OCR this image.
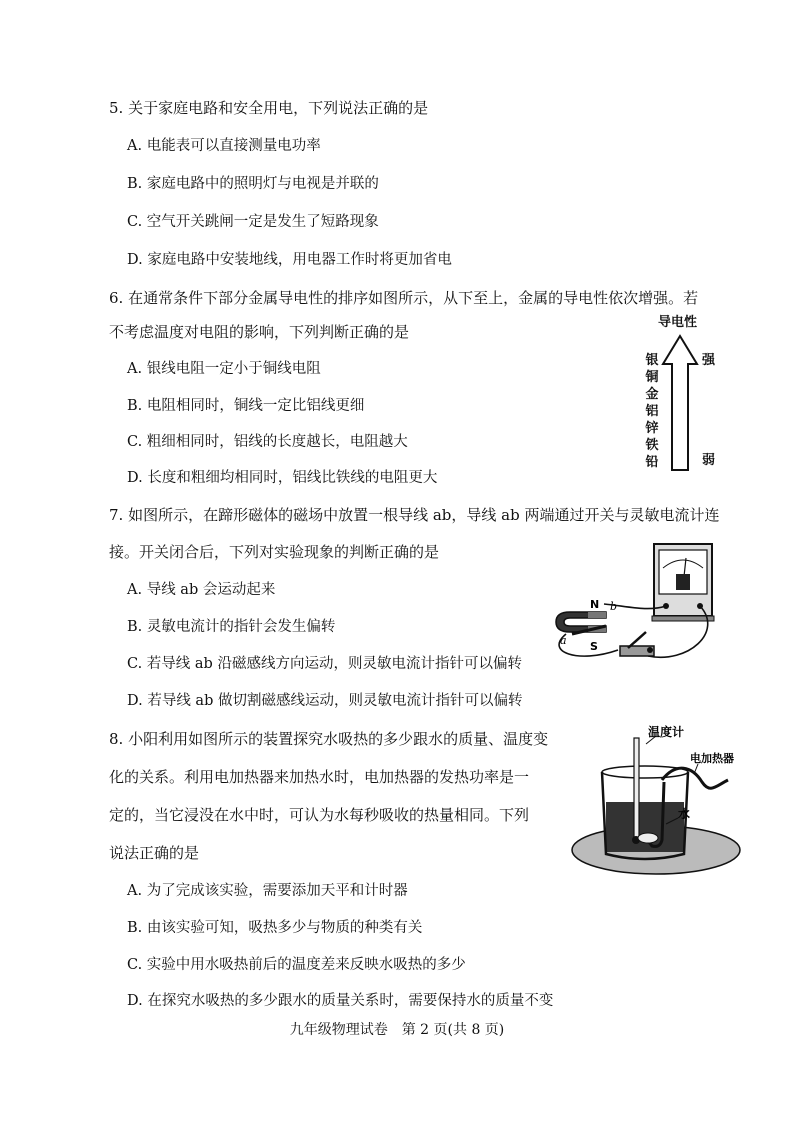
5. 关于家庭电路和安全用电，下列说法正确的是
A. 电能表可以直接测量电功率
B. 家庭电路中的照明灯与电视是并联的
C. 空气开关跳闸一定是发生了短路现象
D. 家庭电路中安装地线，用电器工作时将更加省电
6. 在通常条件下部分金属导电性的排序如图所示，从下至上，金属的导电性依次增强。若
不考虑温度对电阻的影响，下列判断正确的是
A. 银线电阻一定小于铜线电阻
B. 电阻相同时，铜线一定比铝线更细
C. 粗细相同时，铝线的长度越长，电阻越大
D. 长度和粗细均相同时，铝线比铁线的电阻更大
导电性
银
铜
金
铝
锌
铁
铅
强
弱
7. 如图所示，在蹄形磁体的磁场中放置一根导线 ab，导线 ab 两端通过开关与灵敏电流计连
接。开关闭合后，下列对实验现象的判断正确的是
A. 导线 ab 会运动起来
B. 灵敏电流计的指针会发生偏转
C. 若导线 ab 沿磁感线方向运动，则灵敏电流计指针可以偏转
D. 若导线 ab 做切割磁感线运动，则灵敏电流计指针可以偏转
N
S
a
b
8. 小阳利用如图所示的装置探究水吸热的多少跟水的质量、温度变
化的关系。利用电加热器来加热水时，电加热器的发热功率是一
定的，当它浸没在水中时，可认为水每秒吸收的热量相同。下列
说法正确的是
A. 为了完成该实验，需要添加天平和计时器
B. 由该实验可知，吸热多少与物质的种类有关
C. 实验中用水吸热前后的温度差来反映水吸热的多少
D. 在探究水吸热的多少跟水的质量关系时，需要保持水的质量不变
温度计
电加热器
水
九年级物理试卷　第 2 页(共 8 页)
